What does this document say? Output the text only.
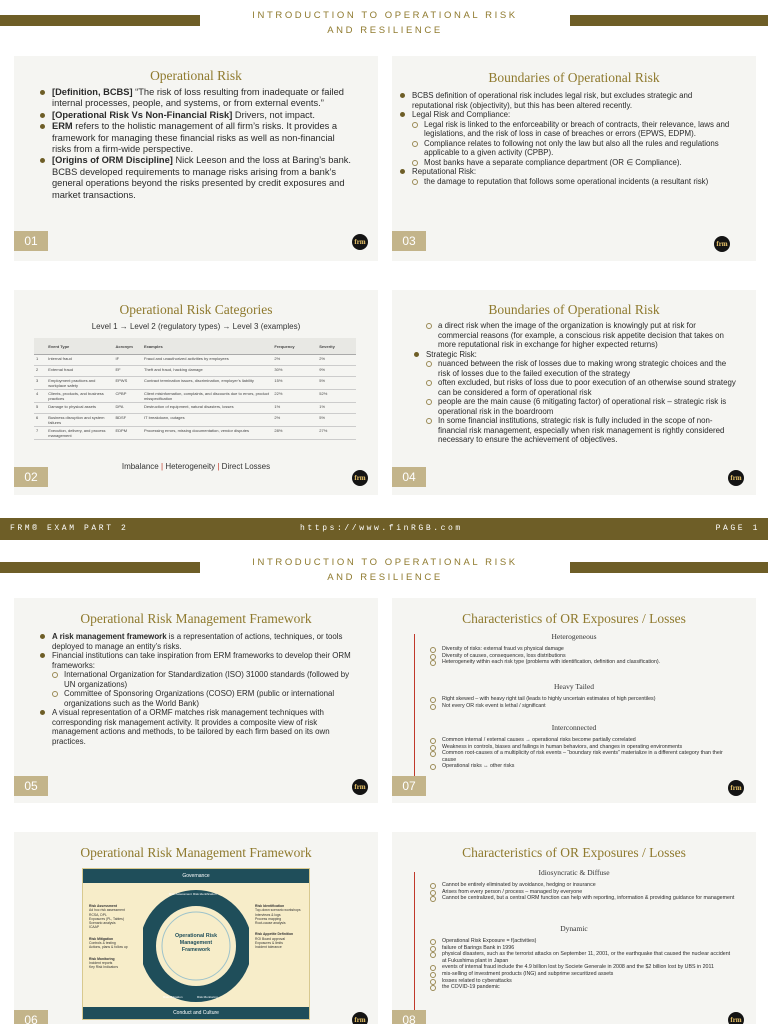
INTRODUCTION TO OPERATIONAL RISK
AND RESILIENCE
Operational Risk
[Definition, BCBS] “The risk of loss resulting from inadequate or failed internal processes, people, and systems, or from external events.”
[Operational Risk Vs Non-Financial Risk] Drivers, not impact.
ERM refers to the holistic management of all firm’s risks. It provides a framework for managing these financial risks as well as non-financial risks from a firm-wide perspective.
[Origins of ORM Discipline] Nick Leeson and the loss at Baring’s bank. BCBS developed requirements to manage risks arising from a bank’s general operations beyond the risks presented by credit exposures and market transactions.
01	frm
Boundaries of Operational Risk
BCBS definition of operational risk includes legal risk, but excludes strategic and reputational risk (objectivity), but this has been altered recently.
Legal Risk and Compliance:
Legal risk is linked to the enforceability or breach of contracts, their relevance, laws and legislations, and the risk of loss in case of breaches or errors (EPWS, EDPM).
Compliance relates to following not only the law but also all the rules and regulations applicable to a given activity (CPBP).
Most banks have a separate compliance department (OR ∈ Compliance).
Reputational Risk:
the damage to reputation that follows some operational incidents (a resultant risk)
03	frm
Operational Risk Categories
Level 1 → Level 2 (regulatory types) → Level 3 (examples)
	Event Type	Acronym	Examples	Frequency	Severity
1	Internal fraud	IF	Fraud and unauthorized activities by employees	2%	2%
2	External fraud	EF	Theft and fraud, hacking damage	30%	9%
3	Employment practices and workplace safety	EPWS	Contract termination issues, discrimination, employer’s liability	15%	5%
4	Clients, products, and business practices	CPBP	Client misinformation, complaints, and discounts due to errors, product misspecification	22%	52%
5	Damage to physical assets	DPA	Destruction of equipment, natural disasters, losses	1%	1%
6	Business disruption and system failures	BDSF	IT breakdown, outages	2%	5%
7	Execution, delivery, and process management	EDPM	Processing errors, missing documentation, vendor disputes	28%	27%
Imbalance | Heterogeneity | Direct Losses
02	frm
Boundaries of Operational Risk
a direct risk when the image of the organization is knowingly put at risk for commercial reasons (for example, a conscious risk appetite decision that takes on more reputational risk in exchange for higher expected returns)
Strategic Risk:
nuanced between the risk of losses due to making wrong strategic choices and the risk of losses due to the failed execution of the strategy
often excluded, but risks of loss due to poor execution of an otherwise sound strategy can be considered a form of operational risk
people are the main cause (6 mitigating factor) of operational risk – strategic risk is operational risk in the boardroom
In some financial institutions, strategic risk is fully included in the scope of non-financial risk management, especially when risk management is rightly considered necessary to ensure the achievement of objectives.
04	frm
FRM® EXAM PART 2	https://www.finRGB.com	PAGE 1
INTRODUCTION TO OPERATIONAL RISK
AND RESILIENCE
Operational Risk Management Framework
A risk management framework is a representation of actions, techniques, or tools deployed to manage an entity’s risks.
Financial institutions can take inspiration from ERM frameworks to develop their ORM frameworks:
International Organization for Standardization (ISO) 31000 standards (followed by UN organizations)
Committee of Sponsoring Organizations (COSO) ERM (public or international organizations such as the World Bank)
A visual representation of a ORMF matches risk management techniques with corresponding risk management activity. It provides a composite view of risk management actions and methods, to be tailored by each firm based on its own practices.
05	frm
Characteristics of OR Exposures / Losses
Heterogeneous
Diversity of risks: external fraud vs physical damage
Diversity of causes, consequences, loss distributions
Heterogeneity within each risk type (problems with identification, definition and classification).
Heavy Tailed
Right skewed – with heavy right tail (leads to highly uncertain estimates of high percentiles)
Not every OR risk event is lethal / significant
Interconnected
Common internal / external causes → operational risks become partially correlated
Weakness in controls, biases and failings in human behaviors, and changes in operating environments
Common root-causes of a multiplicity of risk events – “boundary risk events” materialize in a different category than their cause
Operational risks ↔ other risks
07	frm
Operational Risk Management Framework
Governance
Conduct and Culture
Operational Risk Management Framework
Risk Assessment Risk Identification
Risk Mitigation	Risk Monitoring
Risk Assessment
Ad hoc risk assessment
RCSA, DPL
Exposures (PL, Tables)
Scenario analysis
ICAAP
Risk Mitigation
Controls & testing
Actions, plans & follow up
Risk Monitoring
Incident reports
Key Risk Indicators
Risk Identification
Top-down scenario workshops
Interviews & logs
Process mapping
Root-cause analysis
Risk Appetite Definition
ROI Board approval
Exposures & limits
Incident tolerance
06	frm
Characteristics of OR Exposures / Losses
Idiosyncratic & Diffuse
Cannot be entirely eliminated by avoidance, hedging or insurance
Arises from every person / process – managed by everyone
Cannot be centralized, but a central ORM function can help with reporting, information & providing guidance for management
Dynamic
Operational Risk Exposure = f(activities)
failure of Barings Bank in 1996
physical disasters, such as the terrorist attacks on September 11, 2001, or the earthquake that caused the nuclear accident at Fukushima plant in Japan
events of internal fraud include the 4.9 billion lost by Societe Generale in 2008 and the $2 billion lost by UBS in 2011
mis-selling of investment products (ING) and subprime securitized assets
losses related to cyberattacks
the COVID-19 pandemic
08	frm
